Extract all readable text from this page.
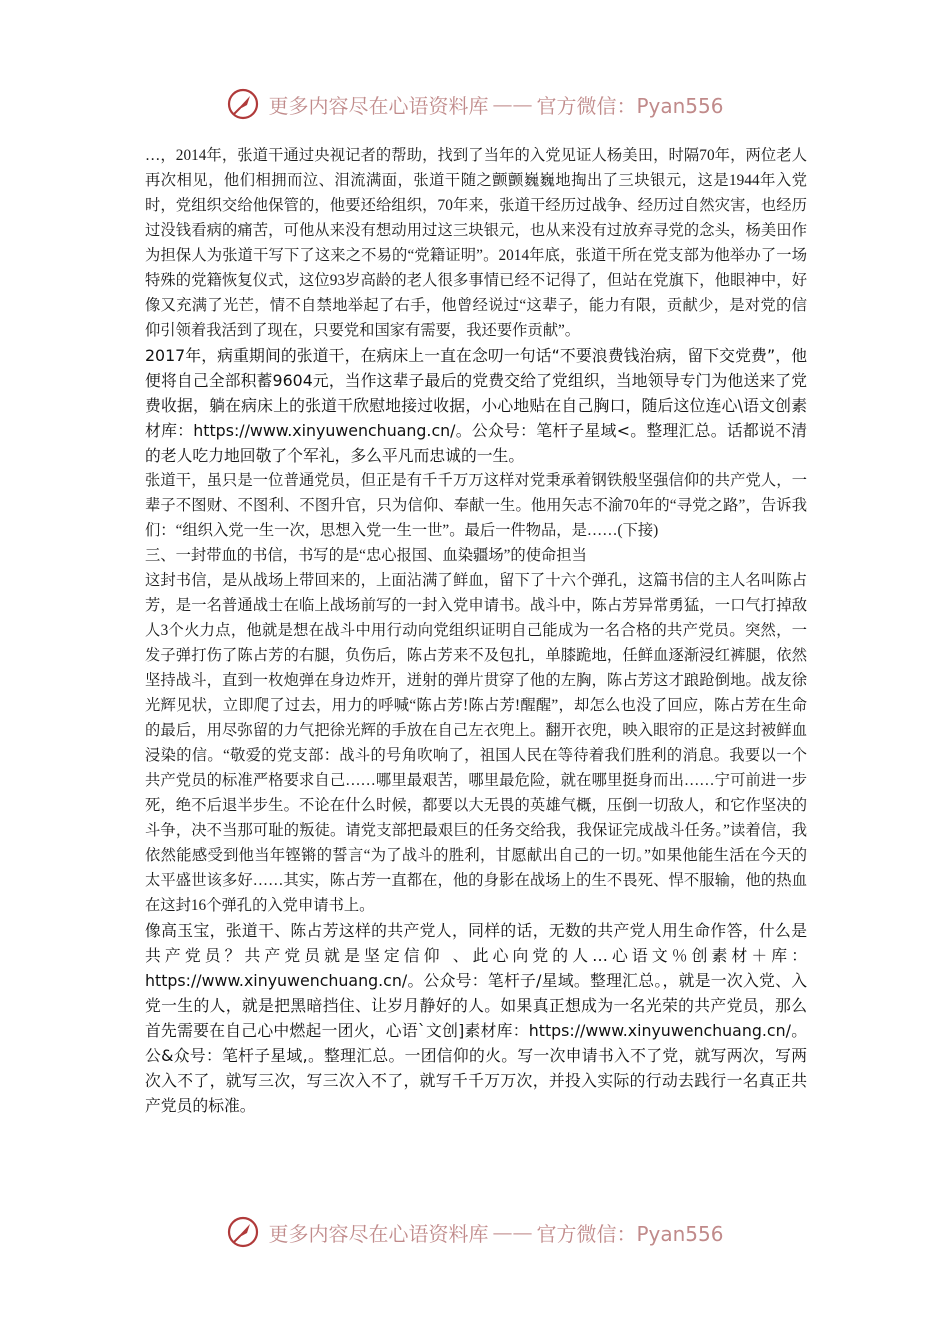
更多内容尽在心语资料库 —— 官方微信：Pyan556

…，2014年，张道干通过央视记者的帮助，找到了当年的入党见证人杨美田，时隔70年，两位老人再次相见，他们相拥而泣、泪流满面，张道干随之颤颤巍巍地掏出了三块银元，这是1944年入党时，党组织交给他保管的，他要还给组织，70年来，张道干经历过战争、经历过自然灾害，也经历过没钱看病的痛苦，可他从来没有想动用过这三块银元，也从来没有过放弃寻党的念头，杨美田作为担保人为张道干写下了这来之不易的“党籍证明”。2014年底，张道干所在党支部为他举办了一场特殊的党籍恢复仪式，这位93岁高龄的老人很多事情已经不记得了，但站在党旗下，他眼神中，好像又充满了光芒，情不自禁地举起了右手，他曾经说过“这辈子，能力有限，贡献少，是对党的信仰引领着我活到了现在，只要党和国家有需要，我还要作贡献”。

2017年，病重期间的张道干，在病床上一直在念叨一句话“不要浪费钱治病，留下交党费”，他便将自己全部积蓄9604元，当作这辈子最后的党费交给了党组织，当地领导专门为他送来了党费收据，躺在病床上的张道干欣慰地接过收据，小心地贴在自己胸口，随后这位连心\语文创素材库：https://www.xinyuwenchuang.cn/。公众号：笔杆子星域<。整理汇总。话都说不清的老人吃力地回敬了个军礼，多么平凡而忠诚的一生。

张道干，虽只是一位普通党员，但正是有千千万万这样对党秉承着钢铁般坚强信仰的共产党人，一辈子不图财、不图利、不图升官，只为信仰、奉献一生。他用矢志不渝70年的“寻党之路”，告诉我们：“组织入党一生一次，思想入党一生一世”。最后一件物品，是……(下接)

三、一封带血的书信，书写的是“忠心报国、血染疆场”的使命担当

这封书信，是从战场上带回来的，上面沾满了鲜血，留下了十六个弹孔，这篇书信的主人名叫陈占芳，是一名普通战士在临上战场前写的一封入党申请书。战斗中，陈占芳异常勇猛，一口气打掉敌人3个火力点，他就是想在战斗中用行动向党组织证明自己能成为一名合格的共产党员。突然，一发子弹打伤了陈占芳的右腿，负伤后，陈占芳来不及包扎，单膝跪地，任鲜血逐渐浸红裤腿，依然坚持战斗，直到一枚炮弹在身边炸开，迸射的弹片贯穿了他的左胸，陈占芳这才踉跄倒地。战友徐光辉见状，立即爬了过去，用力的呼喊“陈占芳!陈占芳!醒醒”，却怎么也没了回应，陈占芳在生命的最后，用尽弥留的力气把徐光辉的手放在自己左衣兜上。翻开衣兜，映入眼帘的正是这封被鲜血浸染的信。“敬爱的党支部：战斗的号角吹响了，祖国人民在等待着我们胜利的消息。我要以一个共产党员的标准严格要求自己……哪里最艰苦，哪里最危险，就在哪里挺身而出……宁可前进一步死，绝不后退半步生。不论在什么时候，都要以大无畏的英雄气概，压倒一切敌人，和它作坚决的斗争，决不当那可耻的叛徒。请党支部把最艰巨的任务交给我，我保证完成战斗任务。”读着信，我依然能感受到他当年铿锵的誓言“为了战斗的胜利，甘愿献出自己的一切。”如果他能生活在今天的太平盛世该多好……其实，陈占芳一直都在，他的身影在战场上的生不畏死、悍不服输，他的热血在这封16个弹孔的入党申请书上。

像高玉宝，张道干、陈占芳这样的共产党人，同样的话，无数的共产党人用生命作答，什么是共产党员？共产党员就是坚定信仰 、此心向党的人…心语文％创素材＋库：https://www.xinyuwenchuang.cn/。公众号：笔杆子/星域。整理汇总。，就是一次入党、入党一生的人，就是把黑暗挡住、让岁月静好的人。如果真正想成为一名光荣的共产党员，那么首先需要在自己心中燃起一团火，心语`文创]素材库：https://www.xinyuwenchuang.cn/。公&众号：笔杆子星域,。整理汇总。一团信仰的火。写一次申请书入不了党，就写两次，写两次入不了，就写三次，写三次入不了，就写千千万万次，并投入实际的行动去践行一名真正共产党员的标准。

更多内容尽在心语资料库 —— 官方微信：Pyan556
